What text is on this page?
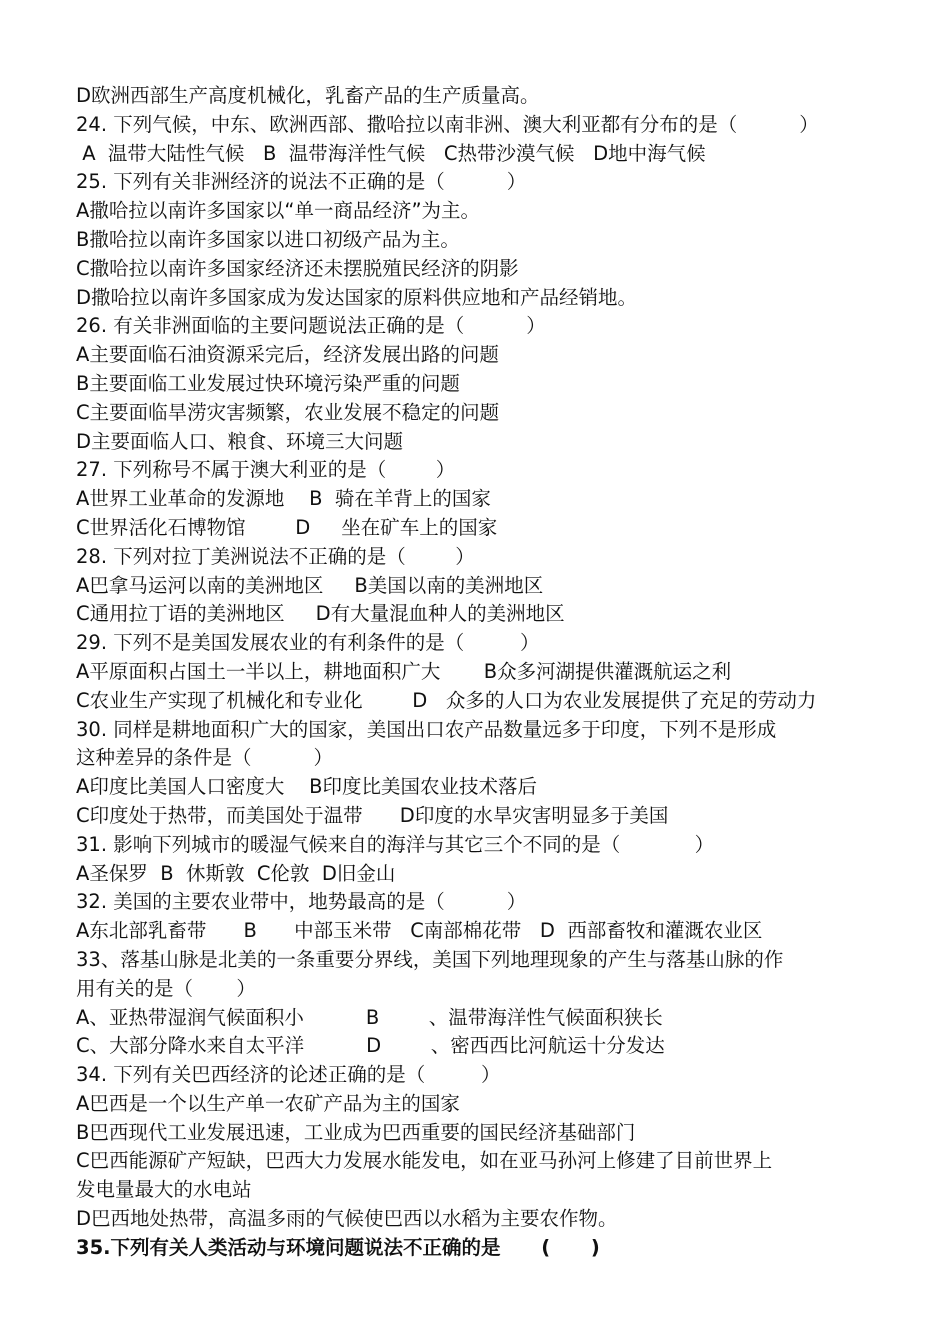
D欧洲西部生产高度机械化，乳畜产品的生产质量高。
24. 下列气候，中东、欧洲西部、撒哈拉以南非洲、澳大利亚都有分布的是（          ）
A  温带大陆性气候   B  温带海洋性气候   C热带沙漠气候   D地中海气候
25. 下列有关非洲经济的说法不正确的是（          ）
A撒哈拉以南许多国家以“单一商品经济”为主。
B撒哈拉以南许多国家以进口初级产品为主。
C撒哈拉以南许多国家经济还未摆脱殖民经济的阴影
D撒哈拉以南许多国家成为发达国家的原料供应地和产品经销地。
26. 有关非洲面临的主要问题说法正确的是（          ）
A主要面临石油资源采完后，经济发展出路的问题
B主要面临工业发展过快环境污染严重的问题
C主要面临旱涝灾害频繁，农业发展不稳定的问题
D主要面临人口、粮食、环境三大问题
27. 下列称号不属于澳大利亚的是（        ）
A世界工业革命的发源地    B  骑在羊背上的国家
C世界活化石博物馆        D     坐在矿车上的国家
28. 下列对拉丁美洲说法不正确的是（        ）
A巴拿马运河以南的美洲地区     B美国以南的美洲地区
C通用拉丁语的美洲地区     D有大量混血种人的美洲地区
29. 下列不是美国发展农业的有利条件的是（         ）
A平原面积占国土一半以上，耕地面积广大       B众多河湖提供灌溉航运之利
C农业生产实现了机械化和专业化        D   众多的人口为农业发展提供了充足的劳动力
30. 同样是耕地面积广大的国家，美国出口农产品数量远多于印度，下列不是形成
这种差异的条件是（          ）
A印度比美国人口密度大    B印度比美国农业技术落后
C印度处于热带，而美国处于温带      D印度的水旱灾害明显多于美国
31. 影响下列城市的暖湿气候来自的海洋与其它三个不同的是（            ）
A圣保罗  B  休斯敦  C伦敦  D旧金山
32. 美国的主要农业带中，地势最高的是（          ）
A东北部乳畜带      B      中部玉米带   C南部棉花带   D  西部畜牧和灌溉农业区
33、落基山脉是北美的一条重要分界线，美国下列地理现象的产生与落基山脉的作
用有关的是（       ）
A、亚热带湿润气候面积小          B        、温带海洋性气候面积狭长
C、大部分降水来自太平洋          D        、密西西比河航运十分发达
34. 下列有关巴西经济的论述正确的是（         ）
A巴西是一个以生产单一农矿产品为主的国家
B巴西现代工业发展迅速，工业成为巴西重要的国民经济基础部门
C巴西能源矿产短缺，巴西大力发展水能发电，如在亚马孙河上修建了目前世界上
发电量最大的水电站
D巴西地处热带，高温多雨的气候使巴西以水稻为主要农作物。
35.下列有关人类活动与环境问题说法不正确的是      (      )
